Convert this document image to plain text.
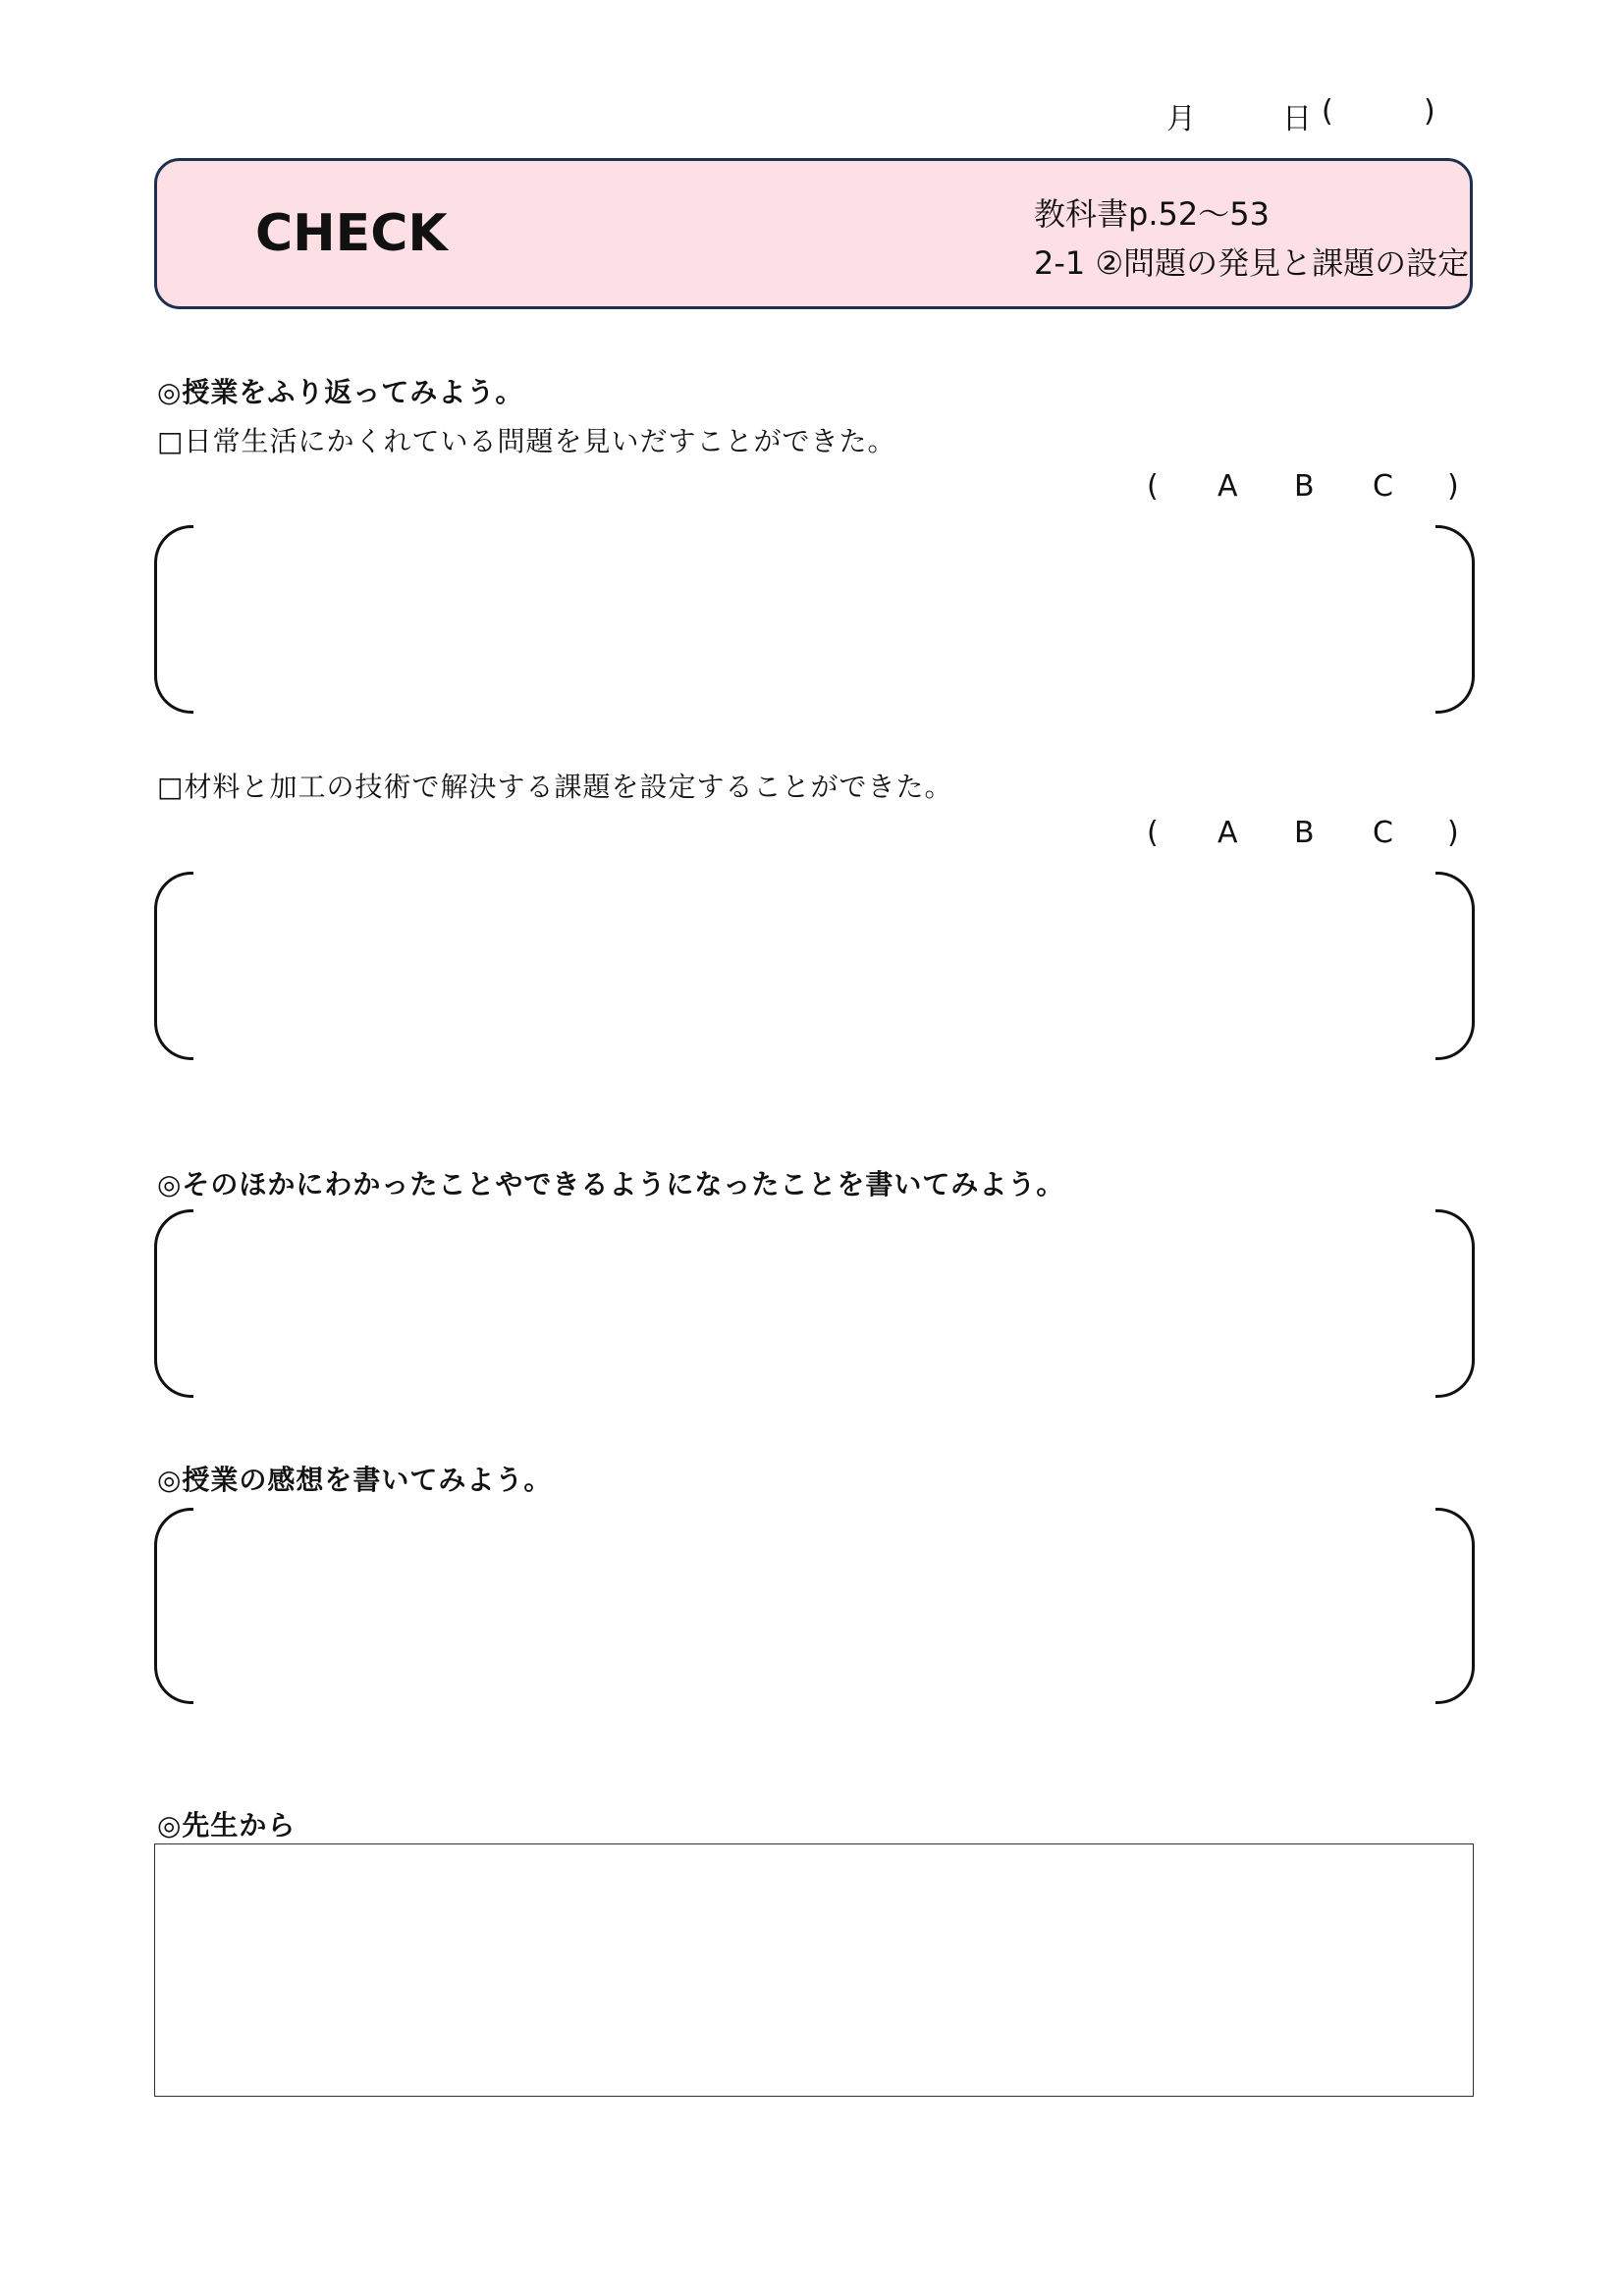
月	日 (	)
CHECK	教科書p.52～53
2-1 ②問題の発見と課題の設定
◎授業をふり返ってみよう。
□日常生活にかくれている問題を見いだすことができた。
( A B C )
□材料と加工の技術で解決する課題を設定することができた。
( A B C )
◎そのほかにわかったことやできるようになったことを書いてみよう。
◎授業の感想を書いてみよう。
◎先生から
